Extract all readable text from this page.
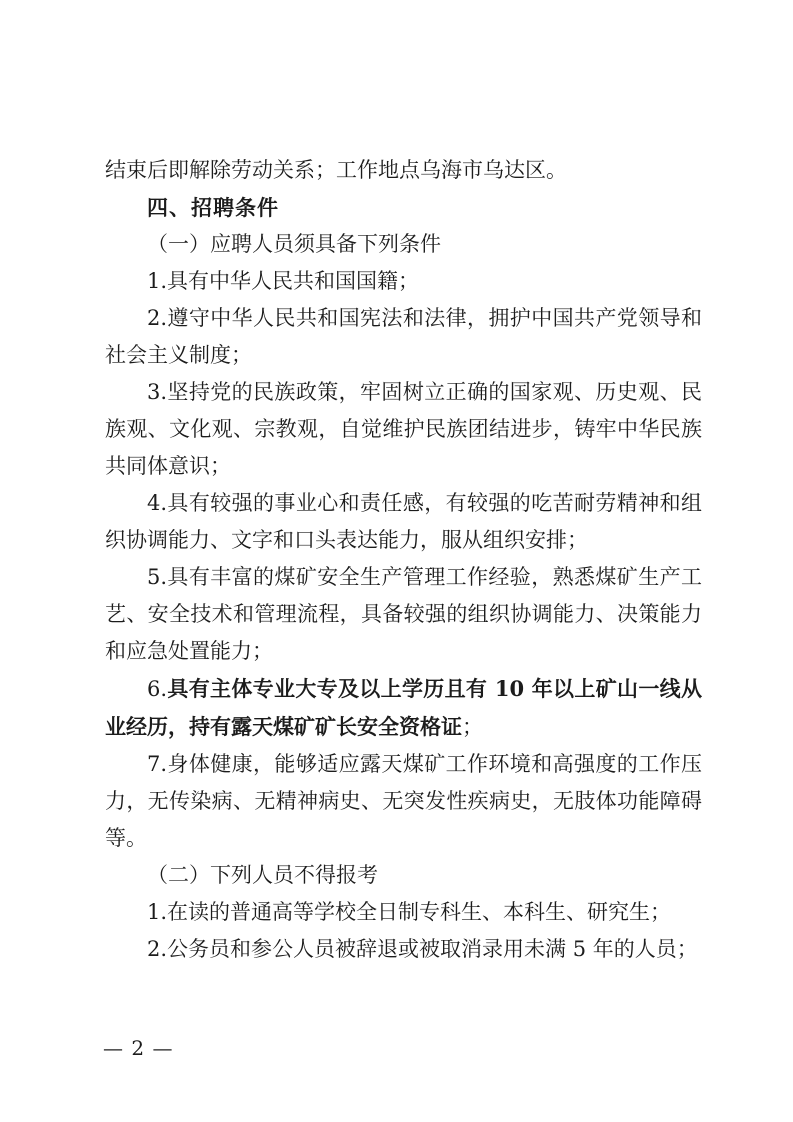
结束后即解除劳动关系；工作地点乌海市乌达区。

四、招聘条件

（一）应聘人员须具备下列条件

1.具有中华人民共和国国籍；

2.遵守中华人民共和国宪法和法律，拥护中国共产党领导和社会主义制度；

3.坚持党的民族政策，牢固树立正确的国家观、历史观、民族观、文化观、宗教观，自觉维护民族团结进步，铸牢中华民族共同体意识；

4.具有较强的事业心和责任感，有较强的吃苦耐劳精神和组织协调能力、文字和口头表达能力，服从组织安排；

5.具有丰富的煤矿安全生产管理工作经验，熟悉煤矿生产工艺、安全技术和管理流程，具备较强的组织协调能力、决策能力和应急处置能力；

6.具有主体专业大专及以上学历且有 10 年以上矿山一线从业经历，持有露天煤矿矿长安全资格证；

7.身体健康，能够适应露天煤矿工作环境和高强度的工作压力，无传染病、无精神病史、无突发性疾病史，无肢体功能障碍等。

（二）下列人员不得报考

1.在读的普通高等学校全日制专科生、本科生、研究生；

2.公务员和参公人员被辞退或被取消录用未满 5 年的人员；

— 2 —
